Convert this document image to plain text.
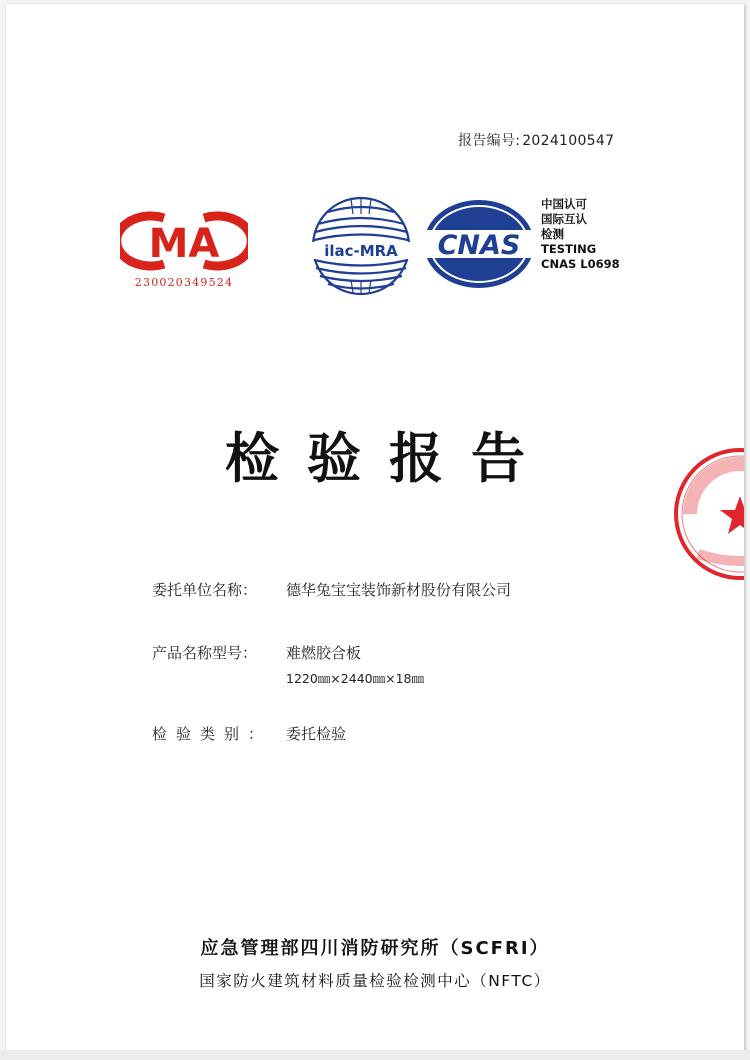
报告编号: 2024100547
MA
230020349524
ilac-MRA CNAS
中国认可
国际互认
检测
TESTING
CNAS L0698
检验报告
委托单位名称： 德华兔宝宝装饰新材股份有限公司
产品名称型号： 难燃胶合板
1220㎜×2440㎜×18㎜
检验类别： 委托检验
应急管理部四川消防研究所（SCFRI）
国家防火建筑材料质量检验检测中心（NFTC）
